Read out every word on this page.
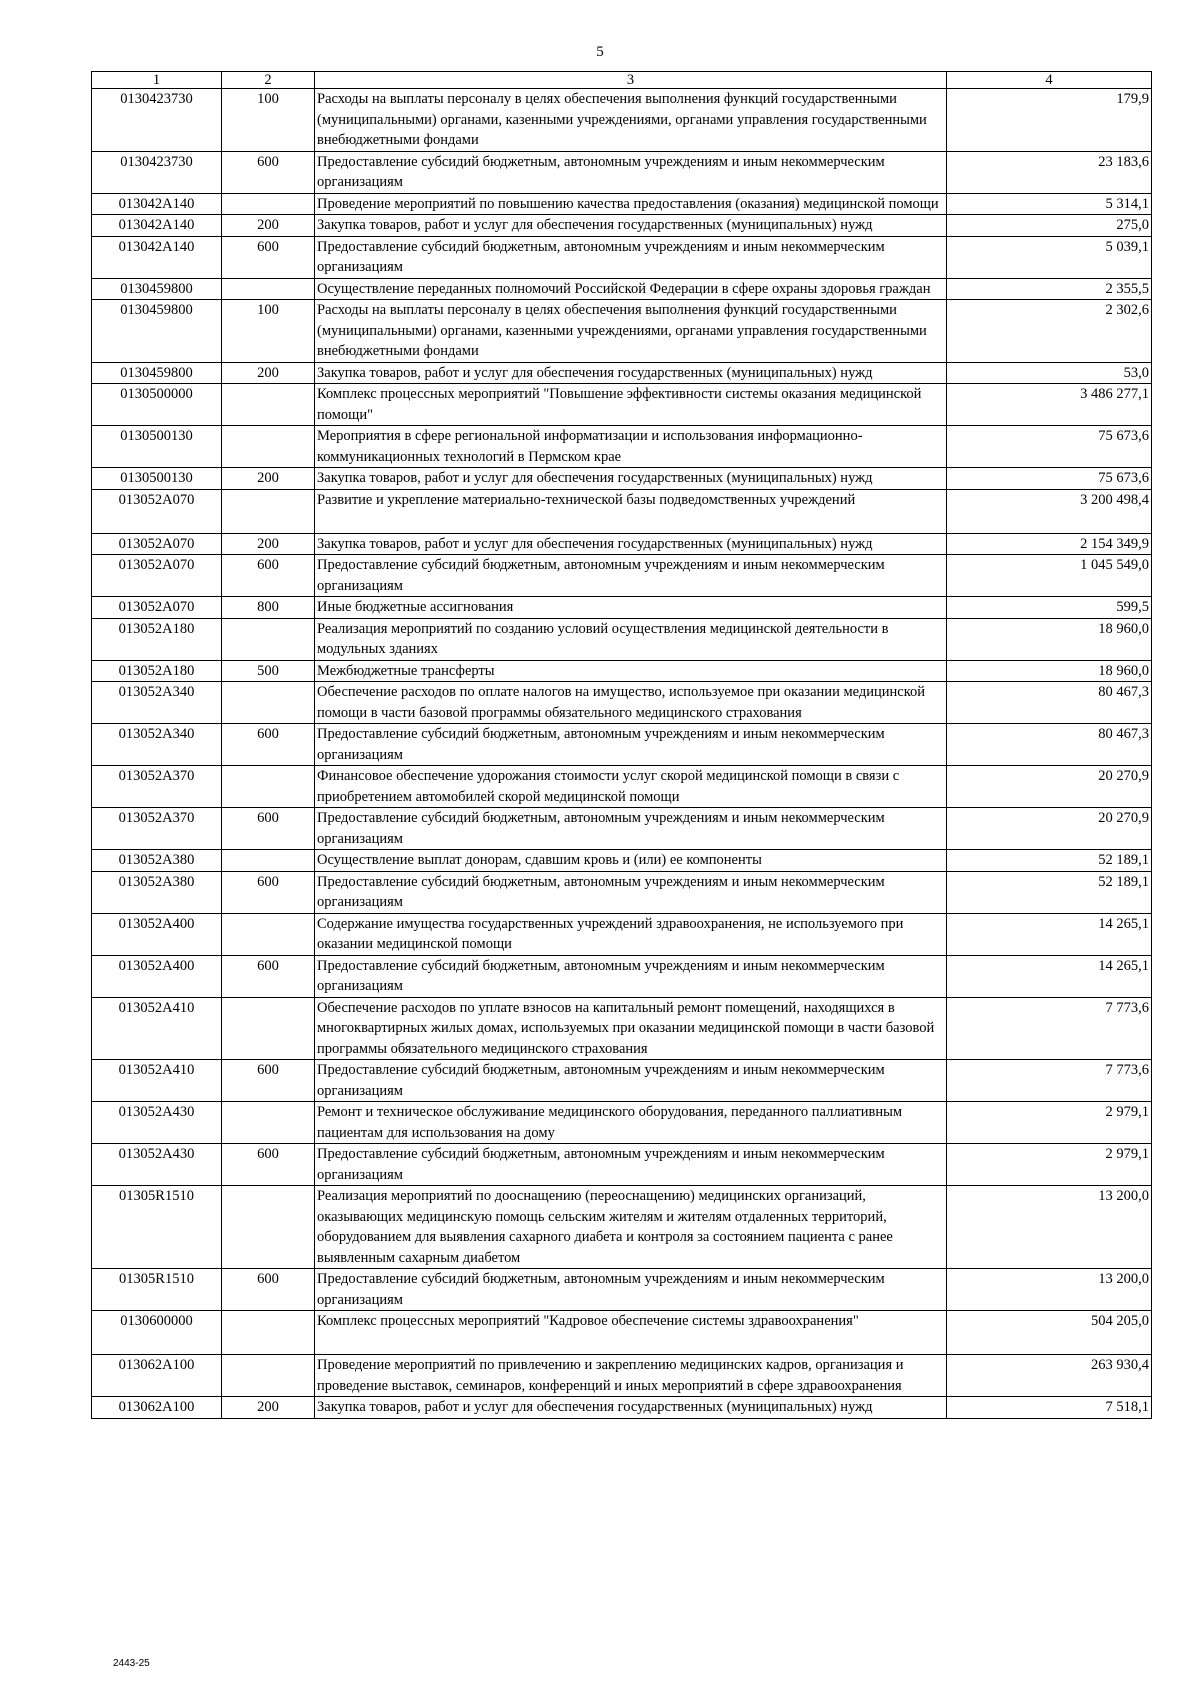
5
1	2	3	4
0130423730	100	Расходы на выплаты персоналу в целях обеспечения выполнения функций государственными (муниципальными) органами, казенными учреждениями, органами управления государственными внебюджетными фондами	179,9
0130423730	600	Предоставление субсидий бюджетным, автономным учреждениям и иным некоммерческим организациям	23 183,6
013042А140		Проведение мероприятий по повышению качества предоставления (оказания) медицинской помощи	5 314,1
013042А140	200	Закупка товаров, работ и услуг для обеспечения государственных (муниципальных) нужд	275,0
013042А140	600	Предоставление субсидий бюджетным, автономным учреждениям и иным некоммерческим организациям	5 039,1
0130459800		Осуществление переданных полномочий Российской Федерации в сфере охраны здоровья граждан	2 355,5
0130459800	100	Расходы на выплаты персоналу в целях обеспечения выполнения функций государственными (муниципальными) органами, казенными учреждениями, органами управления государственными внебюджетными фондами	2 302,6
0130459800	200	Закупка товаров, работ и услуг для обеспечения государственных (муниципальных) нужд	53,0
0130500000		Комплекс процессных мероприятий "Повышение эффективности системы оказания медицинской помощи"	3 486 277,1
0130500130		Мероприятия в сфере региональной информатизации и использования информационно-коммуникационных технологий в Пермском крае	75 673,6
0130500130	200	Закупка товаров, работ и услуг для обеспечения государственных (муниципальных) нужд	75 673,6
013052А070		Развитие и укрепление материально-технической базы подведомственных учреждений	3 200 498,4
013052А070	200	Закупка товаров, работ и услуг для обеспечения государственных (муниципальных) нужд	2 154 349,9
013052А070	600	Предоставление субсидий бюджетным, автономным учреждениям и иным некоммерческим организациям	1 045 549,0
013052А070	800	Иные бюджетные ассигнования	599,5
013052А180		Реализация мероприятий по созданию условий осуществления медицинской деятельности в модульных зданиях	18 960,0
013052А180	500	Межбюджетные трансферты	18 960,0
013052А340		Обеспечение расходов по оплате налогов на имущество, используемое при оказании медицинской помощи в части базовой программы обязательного медицинского страхования	80 467,3
013052А340	600	Предоставление субсидий бюджетным, автономным учреждениям и иным некоммерческим организациям	80 467,3
013052А370		Финансовое обеспечение удорожания стоимости услуг скорой медицинской помощи в связи с приобретением автомобилей скорой медицинской помощи	20 270,9
013052А370	600	Предоставление субсидий бюджетным, автономным учреждениям и иным некоммерческим организациям	20 270,9
013052А380		Осуществление выплат донорам, сдавшим кровь и (или) ее компоненты	52 189,1
013052А380	600	Предоставление субсидий бюджетным, автономным учреждениям и иным некоммерческим организациям	52 189,1
013052А400		Содержание имущества государственных учреждений здравоохранения, не используемого при оказании медицинской помощи	14 265,1
013052А400	600	Предоставление субсидий бюджетным, автономным учреждениям и иным некоммерческим организациям	14 265,1
013052А410		Обеспечение расходов по уплате взносов на капитальный ремонт помещений, находящихся в многоквартирных жилых домах, используемых при оказании медицинской помощи в части базовой программы обязательного медицинского страхования	7 773,6
013052А410	600	Предоставление субсидий бюджетным, автономным учреждениям и иным некоммерческим организациям	7 773,6
013052А430		Ремонт и техническое обслуживание медицинского оборудования, переданного паллиативным пациентам для использования на дому	2 979,1
013052А430	600	Предоставление субсидий бюджетным, автономным учреждениям и иным некоммерческим организациям	2 979,1
01305R1510		Реализация мероприятий по дооснащению (переоснащению) медицинских организаций, оказывающих медицинскую помощь сельским жителям и жителям отдаленных территорий, оборудованием для выявления сахарного диабета и контроля за состоянием пациента с ранее выявленным сахарным диабетом	13 200,0
01305R1510	600	Предоставление субсидий бюджетным, автономным учреждениям и иным некоммерческим организациям	13 200,0
0130600000		Комплекс процессных мероприятий "Кадровое обеспечение системы здравоохранения"	504 205,0
013062А100		Проведение мероприятий по привлечению и закреплению медицинских кадров, организация и проведение выставок, семинаров, конференций и иных мероприятий в сфере здравоохранения	263 930,4
013062А100	200	Закупка товаров, работ и услуг для обеспечения государственных (муниципальных) нужд	7 518,1
2443-25
